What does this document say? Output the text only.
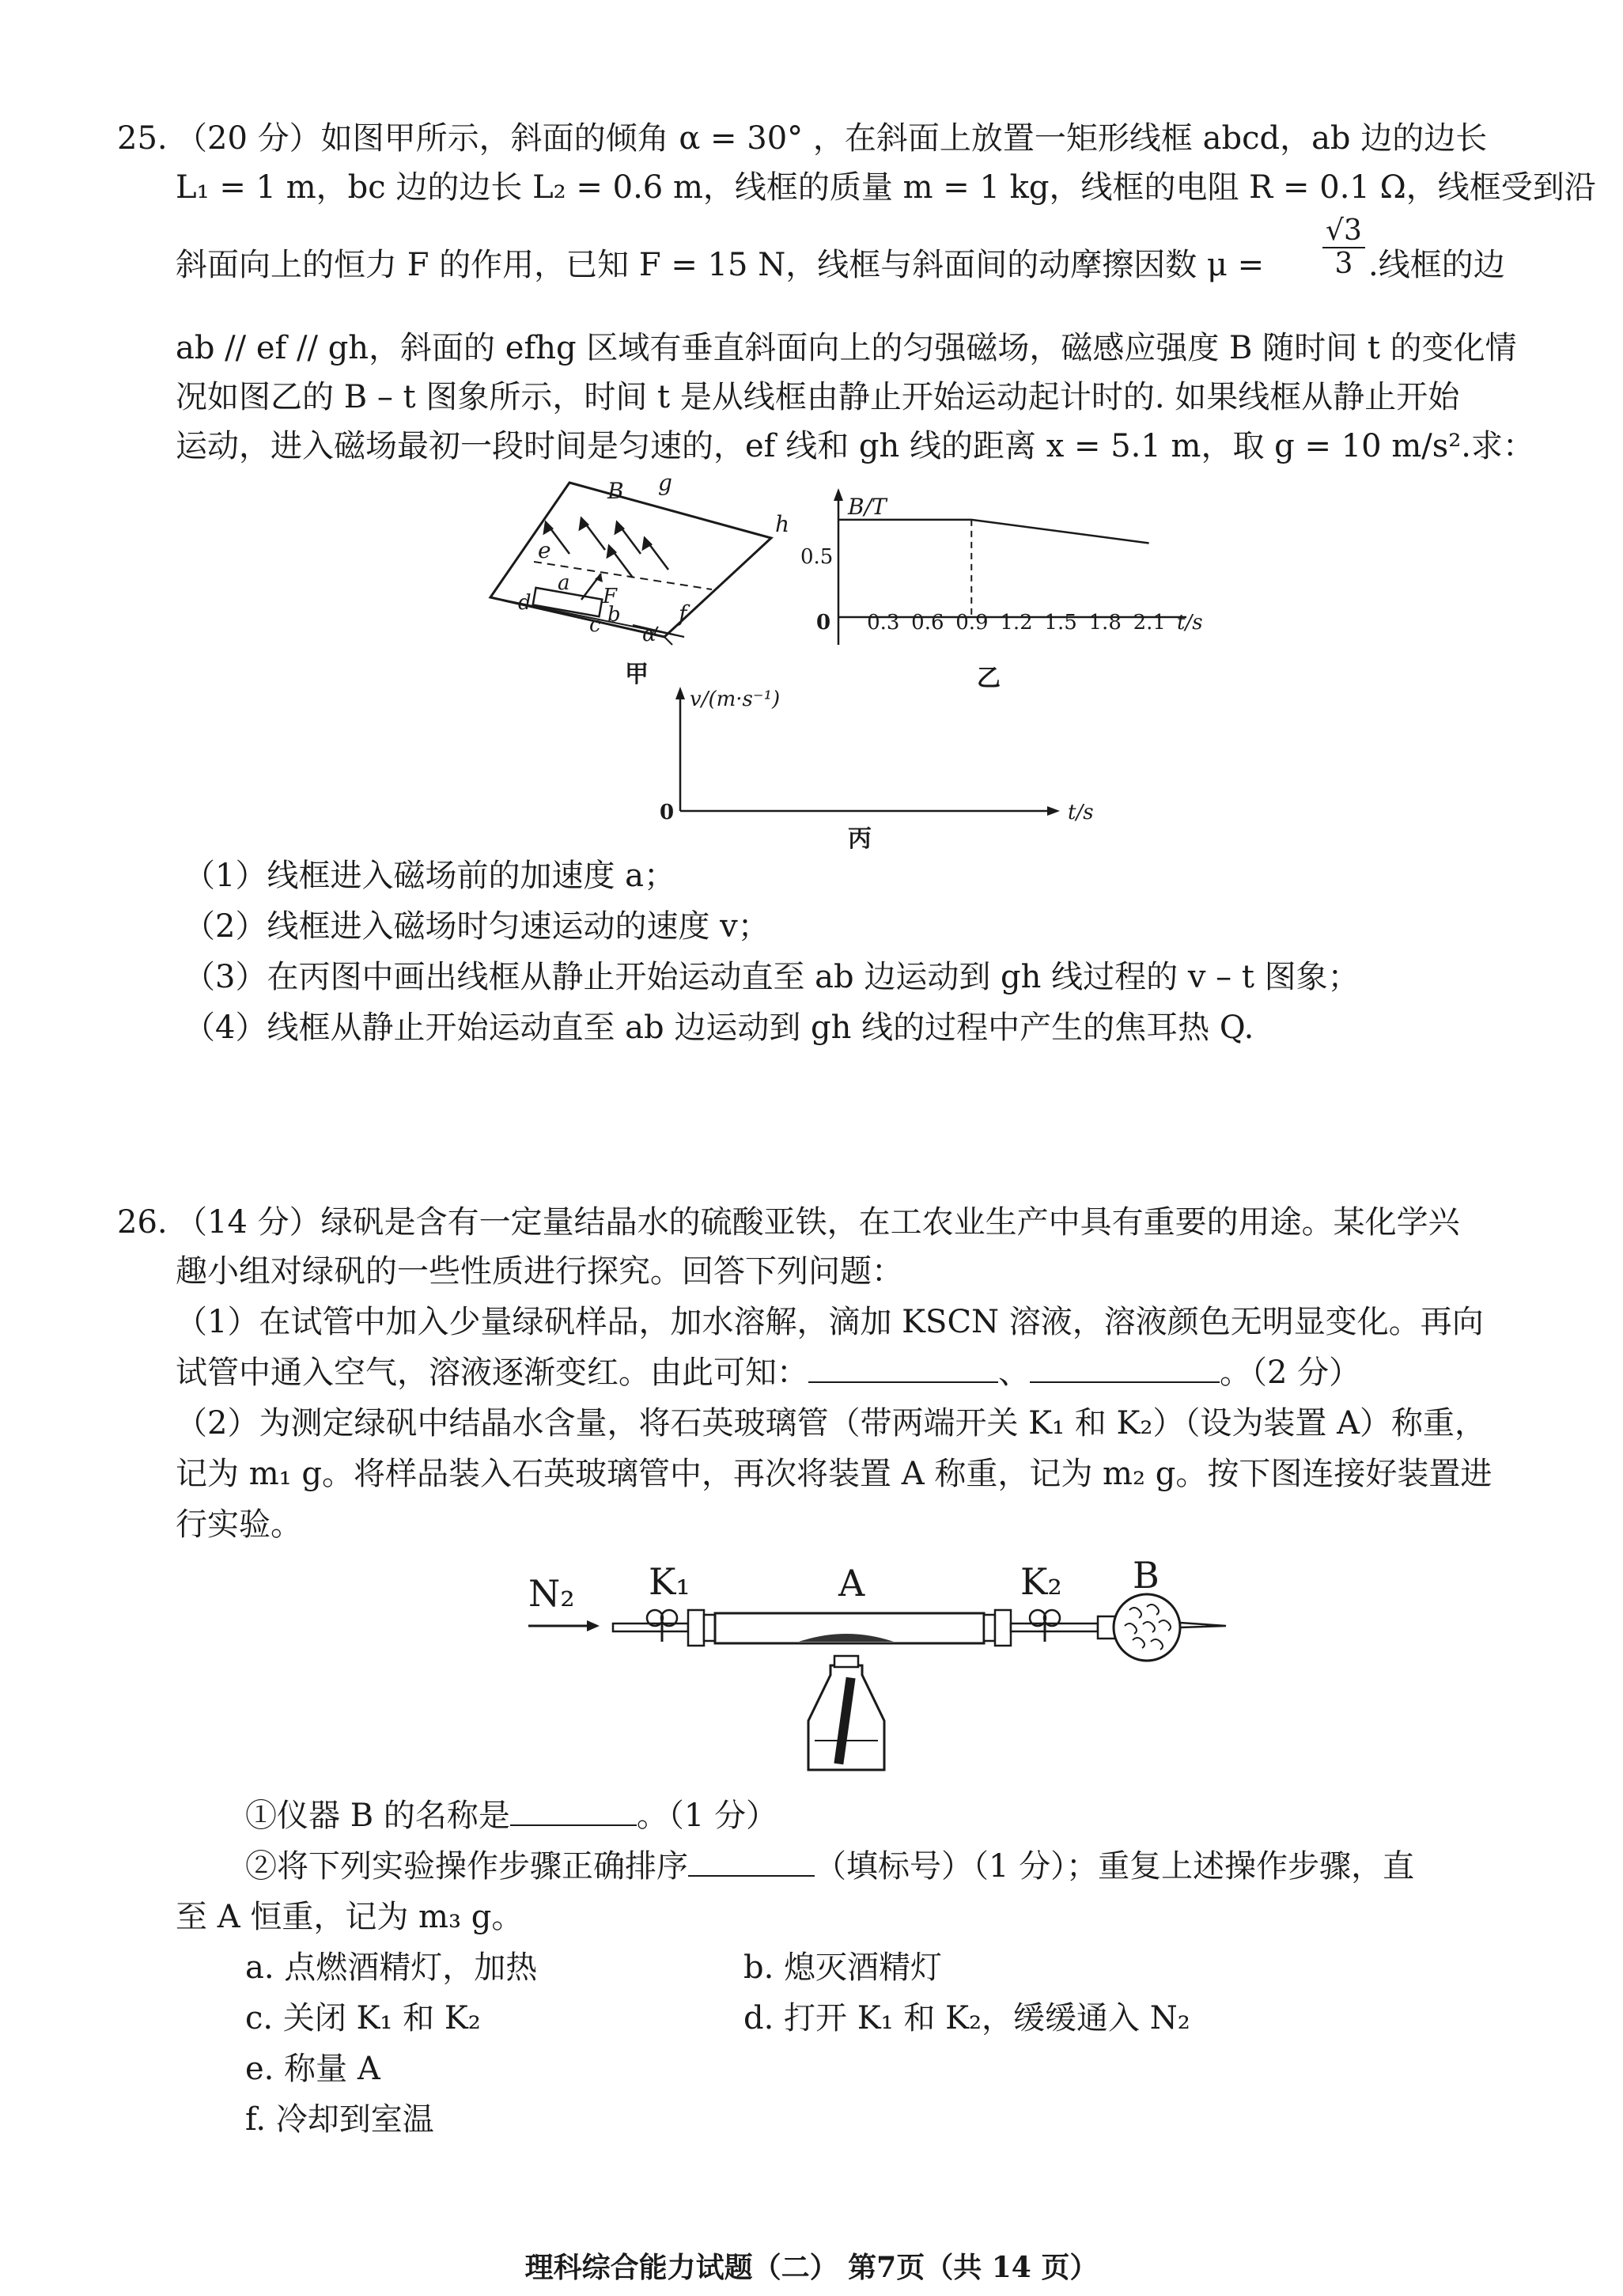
25. （20 分）如图甲所示，斜面的倾角 α = 30° ，在斜面上放置一矩形线框 abcd，ab 边的边长
L₁ = 1 m，bc 边的边长 L₂ = 0.6 m，线框的质量 m = 1 kg，线框的电阻 R = 0.1 Ω，线框受到沿
斜面向上的恒力 F 的作用，已知 F = 15 N，线框与斜面间的动摩擦因数 $\mu = \frac{√3}{3}$ .线框的边
ab // ef // gh，斜面的 efhg 区域有垂直斜面向上的匀强磁场，磁感应强度 B 随时间 t 的变化情
况如图乙的 B – t 图象所示，时间 t 是从线框由静止开始运动起计时的. 如果线框从静止开始
运动，进入磁场最初一段时间是匀速的，ef 线和 gh 线的距离 x = 5.1 m，取 g = 10 m/s².求：
B g
h
e
a
F
d	b
c	f
α
甲
B/T
0
0.5
0.3 0.6 0.9 1.2 1.5 1.8 2.1 t/s
乙
v/(m·s⁻¹)
0	t/s
丙
（1）线框进入磁场前的加速度 a；
（2）线框进入磁场时匀速运动的速度 v；
（3）在丙图中画出线框从静止开始运动直至 ab 边运动到 gh 线过程的 v – t 图象；
（4）线框从静止开始运动直至 ab 边运动到 gh 线的过程中产生的焦耳热 Q.
26. （14 分）绿矾是含有一定量结晶水的硫酸亚铁，在工农业生产中具有重要的用途。某化学兴
趣小组对绿矾的一些性质进行探究。回答下列问题：
（1）在试管中加入少量绿矾样品，加水溶解，滴加 KSCN 溶液，溶液颜色无明显变化。再向
试管中通入空气，溶液逐渐变红。由此可知：	、	。（2 分）
（2）为测定绿矾中结晶水含量，将石英玻璃管（带两端开关 K₁ 和 K₂）（设为装置 A）称重，
记为 m₁ g。将样品装入石英玻璃管中，再次将装置 A 称重，记为 m₂ g。按下图连接好装置进
行实验。
N₂ K₁	A	K₂ B
①仪器 B 的名称是	。（1 分）
②将下列实验操作步骤正确排序	（填标号）（1 分）；重复上述操作步骤，直
至 A 恒重，记为 m₃ g。
a. 点燃酒精灯，加热	b. 熄灭酒精灯
c. 关闭 K₁ 和 K₂	d. 打开 K₁ 和 K₂，缓缓通入 N₂
e. 称量 A
f. 冷却到室温
理科综合能力试题（二） 第7页（共 14 页）
